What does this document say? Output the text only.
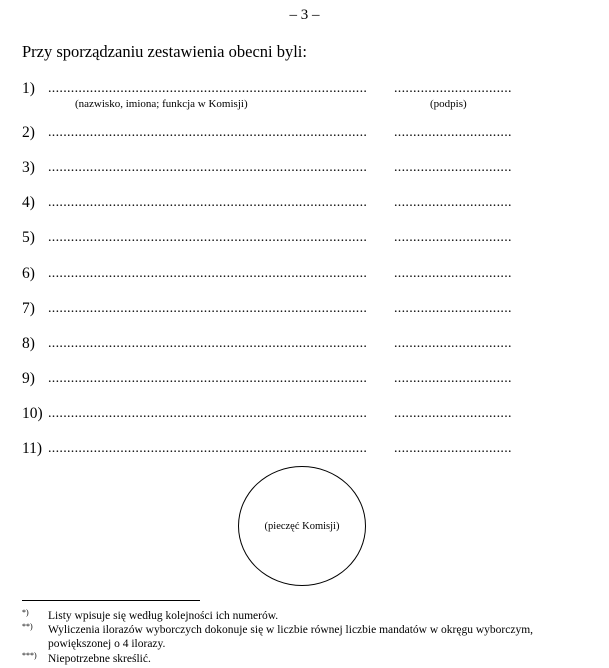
– 3 –
Przy sporządzaniu zestawienia obecni byli:
1) .................................................................................... ...............................
(nazwisko, imiona; funkcja w Komisji)	(podpis)
2) .................................................................................... ...............................
3) .................................................................................... ...............................
4) .................................................................................... ...............................
5) .................................................................................... ...............................
6) .................................................................................... ...............................
7) .................................................................................... ...............................
8) .................................................................................... ...............................
9) .................................................................................... ...............................
10) .................................................................................... ...............................
11) .................................................................................... ...............................
(pieczęć Komisji)
*) Listy wpisuje się według kolejności ich numerów.
**) Wyliczenia ilorazów wyborczych dokonuje się w liczbie równej liczbie mandatów w okręgu wyborczym, powiększonej o 4 ilorazy.
***) Niepotrzebne skreślić.
